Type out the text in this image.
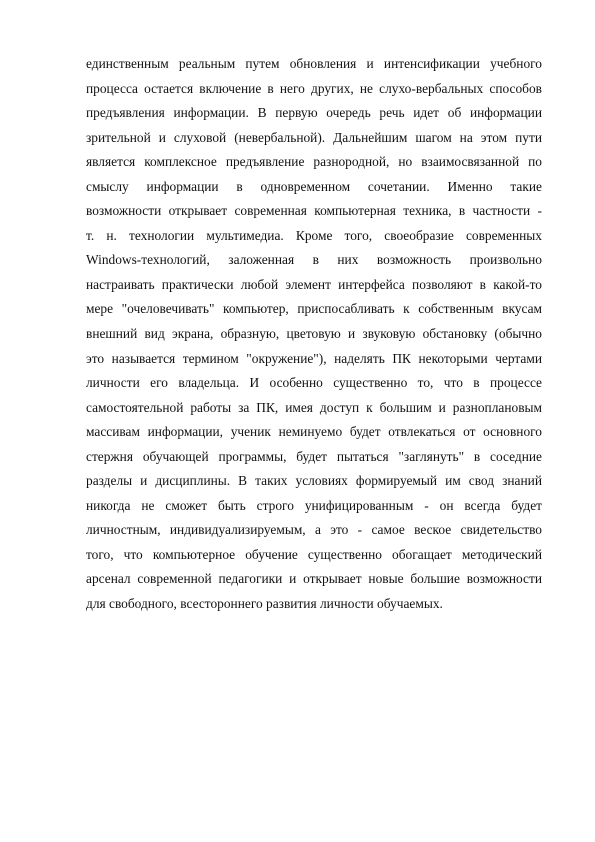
единственным реальным путем обновления и интенсификации учебного
процесса остается включение в него других, не слухо-вербальных способов
предъявления информации. В первую очередь речь идет об информации
зрительной и слуховой (невербальной). Дальнейшим шагом на этом пути
является комплексное предъявление разнородной, но взаимосвязанной по
смыслу информации в одновременном сочетании. Именно такие
возможности открывает современная компьютерная техника, в частности -
т. н. технологии мультимедиа. Кроме того, своеобразие современных
Windows-технологий, заложенная в них возможность произвольно
настраивать практически любой элемент интерфейса позволяют в какой-то
мере "очеловечивать" компьютер, приспосабливать к собственным вкусам
внешний вид экрана, образную, цветовую и звуковую обстановку (обычно
это называется термином "окружение"), наделять ПК некоторыми чертами
личности его владельца. И особенно существенно то, что в процессе
самостоятельной работы за ПК, имея доступ к большим и разноплановым
массивам информации, ученик неминуемо будет отвлекаться от основного
стержня обучающей программы, будет пытаться "заглянуть" в соседние
разделы и дисциплины. В таких условиях формируемый им свод знаний
никогда не сможет быть строго унифицированным - он всегда будет
личностным, индивидуализируемым, а это - самое веское свидетельство
того, что компьютерное обучение существенно обогащает методический
арсенал современной педагогики и открывает новые большие возможности
для свободного, всестороннего развития личности обучаемых.
